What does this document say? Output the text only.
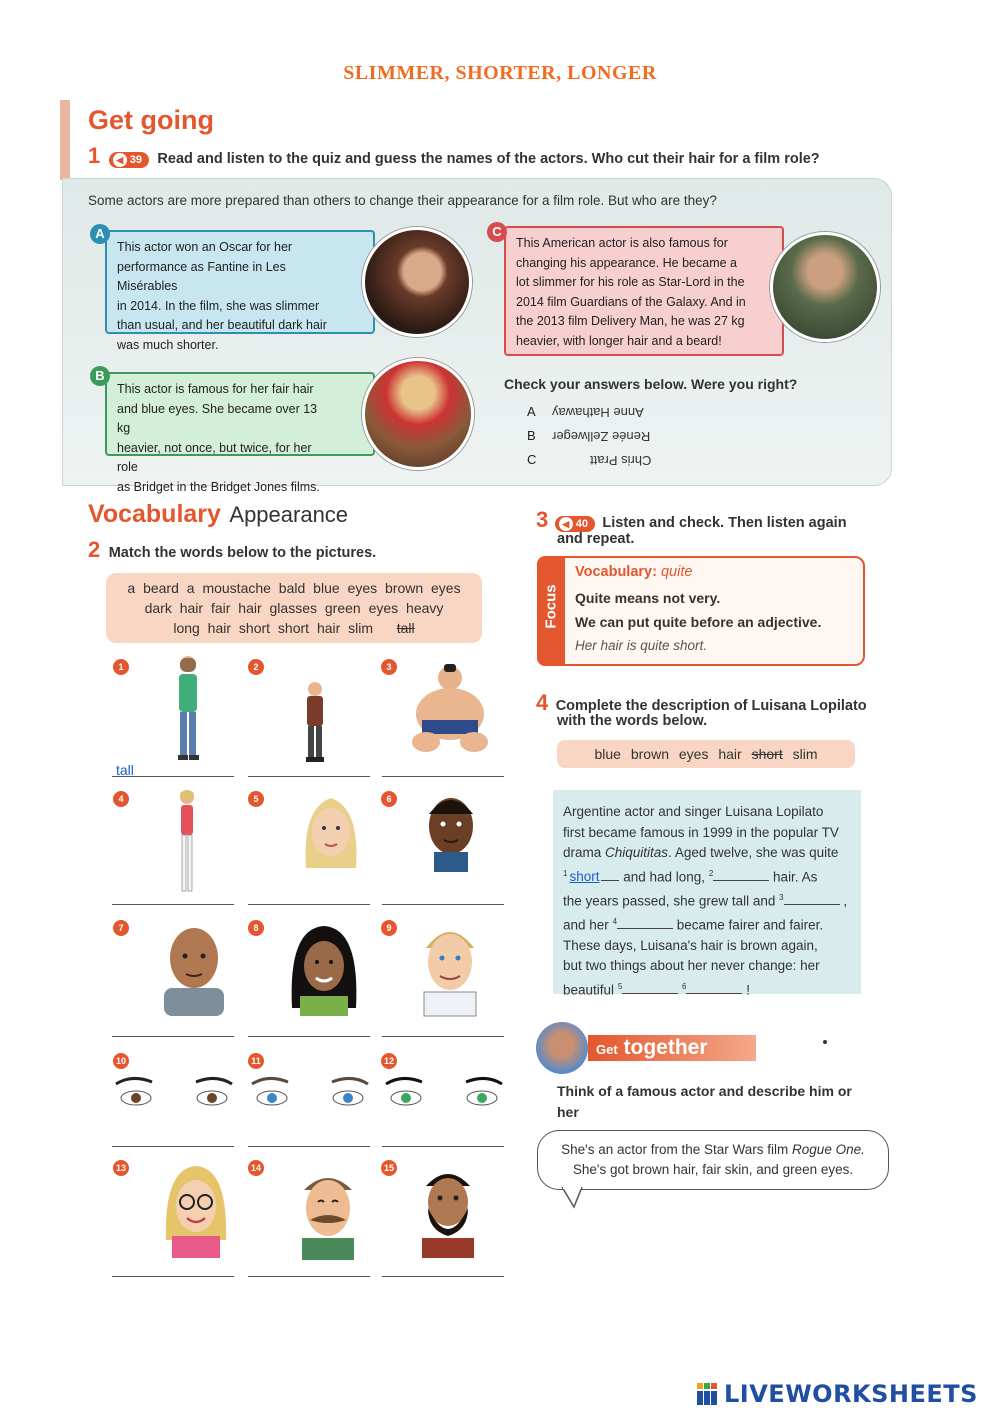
SLIMMER, SHORTER, LONGER
Get going
1 ◀ 39 Read and listen to the quiz and guess the names of the actors. Who cut their hair for a film role?
Some actors are more prepared than others to change their appearance for a film role. But who are they?
This actor won an Oscar for her
performance as Fantine in Les Misérables
in 2014. In the film, she was slimmer
than usual, and her beautiful dark hair
was much shorter.
A
This actor is famous for her fair hair
and blue eyes. She became over 13 kg
heavier, not once, but twice, for her role
as Bridget in the Bridget Jones films.
B
This American actor is also famous for
changing his appearance. He became a
lot slimmer for his role as Star-Lord in the
2014 film Guardians of the Galaxy. And in
the 2013 film Delivery Man, he was 27 kg
heavier, with longer hair and a beard!
C
Check your answers below. Were you right?
A Anne Hathaway
B Renée Zellweger
C	Chris Pratt
Vocabulary Appearance
2 Match the words below to the pictures.
a beard a moustache bald blue eyes brown eyes
dark hair fair hair glasses green eyes heavy
long hair short short hair slim tall
1	2	3
tall
4	5	6
7	8	9
10	11	12
13	14	15
3 ◀ 40 Listen and check. Then listen again
and repeat.
Focus
Vocabulary: quite
Quite means not very.
We can put quite before an adjective.
Her hair is quite short.
4 Complete the description of Luisana Lopilato
with the words below.
blue brown eyes hair short slim
Argentine actor and singer Luisana Lopilato
first became famous in 1999 in the popular TV
drama Chiquititas. Aged twelve, she was quite
$^1$ short and had long, $^2$	hair. As
the years passed, she grew tall and $^3$	,
and her $^4$	became fairer and fairer.
These days, Luisana's hair is brown again,
but two things about her never change: her
beautiful $^5$	$^6$	!
Get together
Think of a famous actor and describe him or
her
She's an actor from the Star Wars film Rogue One.
She's got brown hair, fair skin, and green eyes.
LIVEWORKSHEETS
